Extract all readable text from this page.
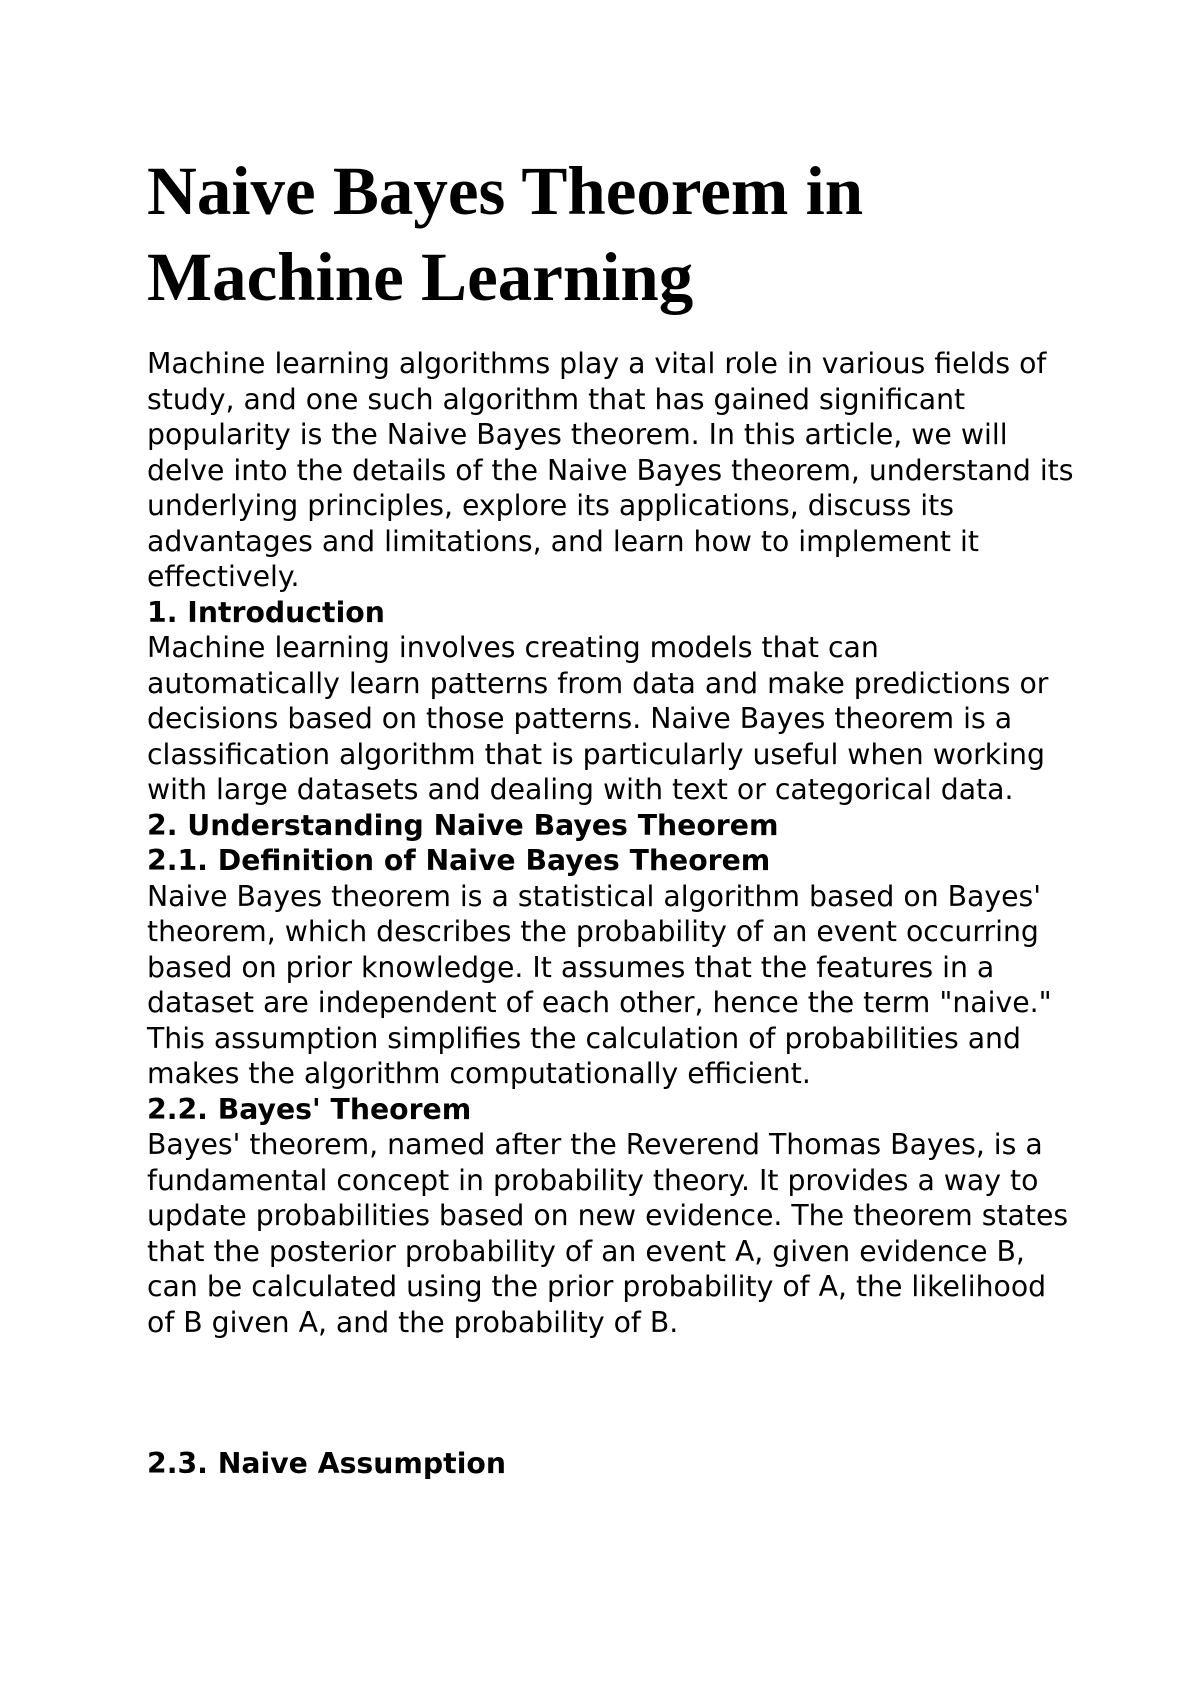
Naive Bayes Theorem in Machine Learning

Machine learning algorithms play a vital role in various fields of study, and one such algorithm that has gained significant popularity is the Naive Bayes theorem. In this article, we will delve into the details of the Naive Bayes theorem, understand its underlying principles, explore its applications, discuss its advantages and limitations, and learn how to implement it effectively.

1. Introduction

Machine learning involves creating models that can automatically learn patterns from data and make predictions or decisions based on those patterns. Naive Bayes theorem is a classification algorithm that is particularly useful when working with large datasets and dealing with text or categorical data.

2. Understanding Naive Bayes Theorem

2.1. Definition of Naive Bayes Theorem

Naive Bayes theorem is a statistical algorithm based on Bayes' theorem, which describes the probability of an event occurring based on prior knowledge. It assumes that the features in a dataset are independent of each other, hence the term "naive." This assumption simplifies the calculation of probabilities and makes the algorithm computationally efficient.

2.2. Bayes' Theorem

Bayes' theorem, named after the Reverend Thomas Bayes, is a fundamental concept in probability theory. It provides a way to update probabilities based on new evidence. The theorem states that the posterior probability of an event A, given evidence B, can be calculated using the prior probability of A, the likelihood of B given A, and the probability of B.

2.3. Naive Assumption
